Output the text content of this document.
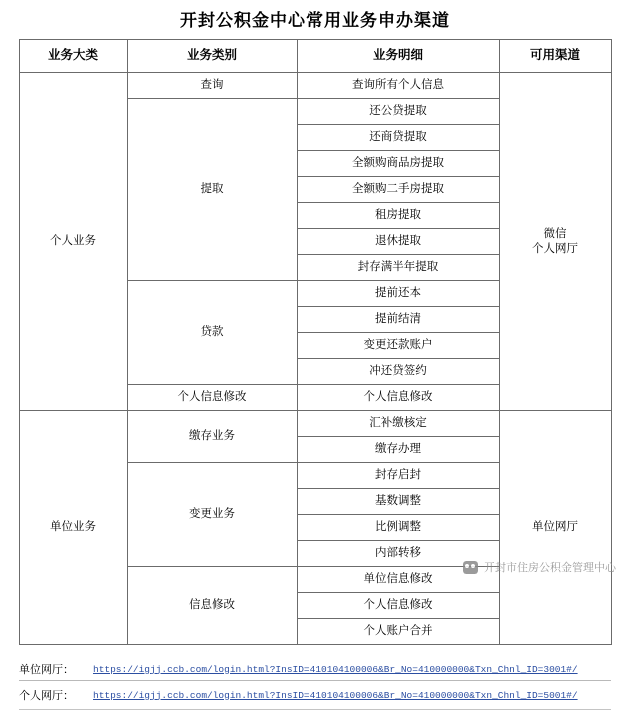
开封公积金中心常用业务申办渠道
业务大类	业务类别	业务明细	可用渠道
个人业务	查询	查询所有个人信息	微信
个人网厅

	提取	还公贷提取	
		还商贷提取	
		全额购商品房提取	
		全额购二手房提取	
		租房提取	
		退休提取	
		封存满半年提取	
	贷款	提前还本	
		提前结清	
		变更还款账户	
		冲还贷签约	
	个人信息修改	个人信息修改	
单位业务	缴存业务	汇补缴核定	单位网厅
		缴存办理	
	变更业务	封存启封	
		基数调整	
		比例调整	
		内部转移	
	信息修改	单位信息修改	
		个人信息修改	
		个人账户合并	
单位网厅：	https://igjj.ccb.com/login.html?InsID=410104100006&Br_No=410000000&Txn_Chnl_ID=3001#/
个人网厅：	https://igjj.ccb.com/login.html?InsID=410104100006&Br_No=410000000&Txn_Chnl_ID=5001#/
开封市住房公积金管理中心
